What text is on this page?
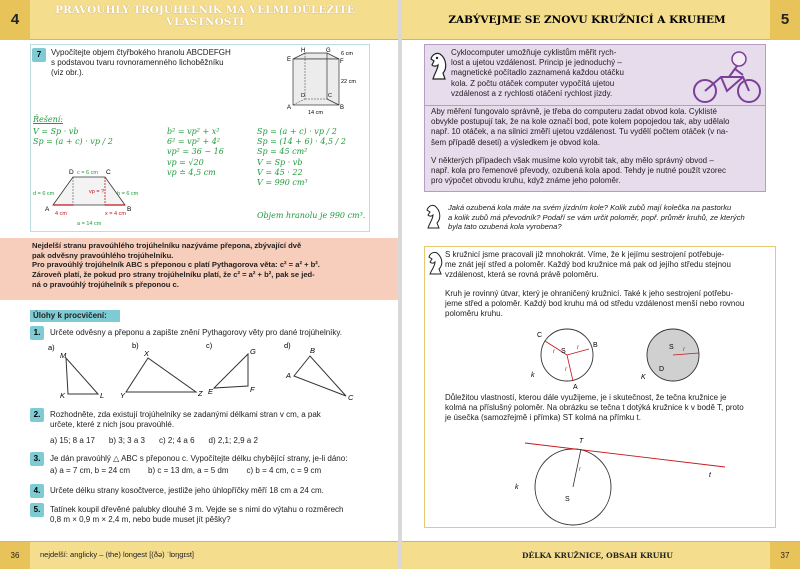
4
PRAVOÚHLÝ TROJÚHELNÍK MÁ VELMI DŮLEŽITÉ VLASTNOSTI
7	Vypočítejte objem čtyřbokého hranolu ABCDEFGH
s podstavou tvaru rovnoramenného lichoběžníku
(viz obr.).
H	G
E	F
6 cm
22 cm
D	C
A	B
14 cm
Řešení:
V = Sp · vb
Sp = (a + c) · vp / 2
D c = 6 cm C
d = 6 cm	b = 6 cm
vp = ?
A	B
4 cm	x = 4 cm
a = 14 cm
b² = vp² + x²
6² = vp² + 4²
vp² = 36 − 16
vp = √20
vp ≐ 4,5 cm
Sp = (a + c) · vp / 2
Sp = (14 + 6) · 4,5 / 2
Sp = 45 cm²
V = Sp · vb
V = 45 · 22
V = 990 cm³
Objem hranolu je 990 cm³.
Nejdelší stranu pravoúhlého trojúhelníku nazýváme přepona, zbývající dvě
pak odvěsny pravoúhlého trojúhelníku.
Pro pravoúhlý trojúhelník ABC s přeponou c platí Pythagorova věta: c² = a² + b².
Zároveň platí, že pokud pro strany trojúhelníku platí, že c² = a² + b², pak se jed-
ná o pravoúhlý trojúhelník s přeponou c.
Úlohy k procvičení:
1.	Určete odvěsny a přeponu a zapište znění Pythagorovy věty pro dané trojúhelníky.
a)	b)	c)	d)
M
K	L
X
Y	Z
G
E	F
B
A
C
2.	Rozhodněte, zda existují trojúhelníky se zadanými délkami stran v cm, a pak
určete, které z nich jsou pravoúhlé.
a) 15; 8 a 17 b) 3; 3 a 3 c) 2; 4 a 6 d) 2,1; 2,9 a 2
3.	Je dán pravoúhlý △ ABC s přeponou c. Vypočítejte délku chybějící strany, je-li dáno:
a) a = 7 cm, b = 24 cm b) c = 13 dm, a = 5 dm c) b = 4 cm, c = 9 cm
4.	Určete délku strany kosočtverce, jestliže jeho úhlopříčky měří 18 cm a 24 cm.
5.	Tatínek koupil dřevěné palubky dlouhé 3 m. Vejde se s nimi do výtahu o rozměrech
0,8 m × 0,9 m × 2,4 m, nebo bude muset jít pěšky?
36	nejdelší: anglicky – (the) longest [(ðə) ˈlɒŋgɪst]
ZABÝVEJME SE ZNOVU KRUŽNICÍ A KRUHEM	5
Cyklocomputer umožňuje cyklistům měřit rych-
lost a ujetou vzdálenost. Princip je jednoduchý –
magnetické počítadlo zaznamená každou otáčku
kola. Z počtu otáček computer vypočítá ujetou
vzdálenost a z rychlosti otáčení rychlost jízdy.
Aby měření fungovalo správně, je třeba do computeru zadat obvod kola. Cyklisté
obvykle postupují tak, že na kole označí bod, pote kolem popojedou tak, aby udělalo
např. 10 otáček, a na silnici změří ujetou vzdálenost. Tu vydělí počtem otáček (v na-
šem případě deseti) a výsledkem je obvod kola.
V některých případech však musíme kolo vyrobit tak, aby mělo správný obvod –
např. kola pro řemenové převody, ozubená kola apod. Tehdy je nutné použít vzorec
pro výpočet obvodu kruhu, když známe jeho poloměr.
Jaká ozubená kola máte na svém jízdním kole? Kolik zubů mají kolečka na pastorku
a kolik zubů má převodník? Podaří se vám určit poloměr, popř. průměr kruhů, ze kterých
byla tato ozubená kola vyrobena?
S kružnicí jsme pracovali již mnohokrát. Víme, že k jejímu sestrojení potřebuje-
me znát její střed a poloměr. Každý bod kružnice má pak od jejího středu stejnou
vzdálenost, která se rovná právě poloměru.
Kruh je rovinný útvar, který je ohraničený kružnicí. Také k jeho sestrojení potřebu-
jeme střed a poloměr. Každý bod kruhu má od středu vzdálenost menší nebo rovnou
poloměru kruhu.
C
S
B
r
r
r
A
k
S r
D
K
Důležitou vlastností, kterou dále využijeme, je i skutečnost, že tečna kružnice je
kolmá na příslušný poloměr. Na obrázku se tečna t dotýká kružnice k v bodě T, proto
je úsečka (samozřejmě i přímka) ST kolmá na přímku t.
T
t
k
r
S
DÉLKA KRUŽNICE, OBSAH KRUHU	37
